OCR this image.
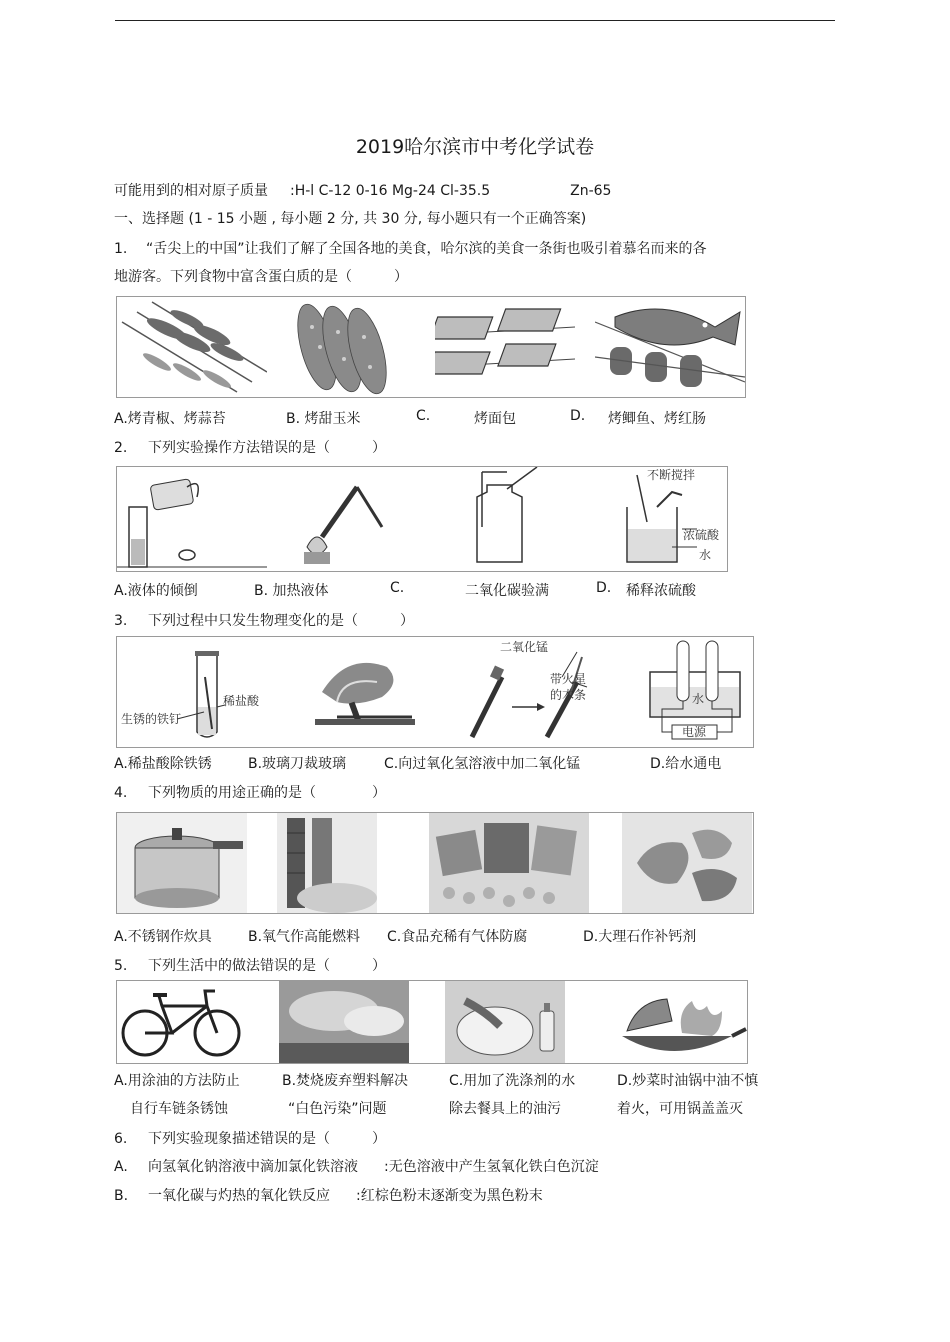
2019哈尔滨市中考化学试卷
可能用到的相对原子质量 :H-l C-12 0-16 Mg-24 Cl-35.5	Zn-65
一、选择题 (1 - 15 小题 , 每小题 2 分, 共 30 分, 每小题只有一个正确答案)
1. “舌尖上的中国”让我们了解了全国各地的美食，哈尔滨的美食一条街也吸引着慕名而来的各
地游客。下列食物中富含蛋白质的是（　　　）
A.烤青椒、烤蒜苔	B. 烤甜玉米	C.	烤面包	D. 烤鲫鱼、烤红肠
2. 下列实验操作方法错误的是（　　　）
不断搅拌
浓硫酸
水
A.液体的倾倒	B. 加热液体	C.	二氧化碳验满	D. 稀释浓硫酸
3. 下列过程中只发生物理变化的是（　　　）
生锈的铁钉
稀盐酸
二氧化锰
带火星
的木条	水
电源
A.稀盐酸除铁锈	B.玻璃刀裁玻璃	C.向过氧化氢溶液中加二氧化锰	D.给水通电
4. 下列物质的用途正确的是（　　　　）
A.不锈钢作炊具	B.氧气作高能燃料 C.食品充稀有气体防腐	D.大理石作补钙剂
5. 下列生活中的做法错误的是（　　　）
A.用涂油的方法防止
自行车链条锈蚀
B.焚烧废弃塑料解决
“白色污染”问题
C.用加了洗涤剂的水
除去餐具上的油污
D.炒菜时油锅中油不慎
着火，可用锅盖盖灭
6. 下列实验现象描述错误的是（　　　）
A. 向氢氧化钠溶液中滴加氯化铁溶液 :无色溶液中产生氢氧化铁白色沉淀
B. 一氧化碳与灼热的氧化铁反应 :红棕色粉末逐渐变为黑色粉末
